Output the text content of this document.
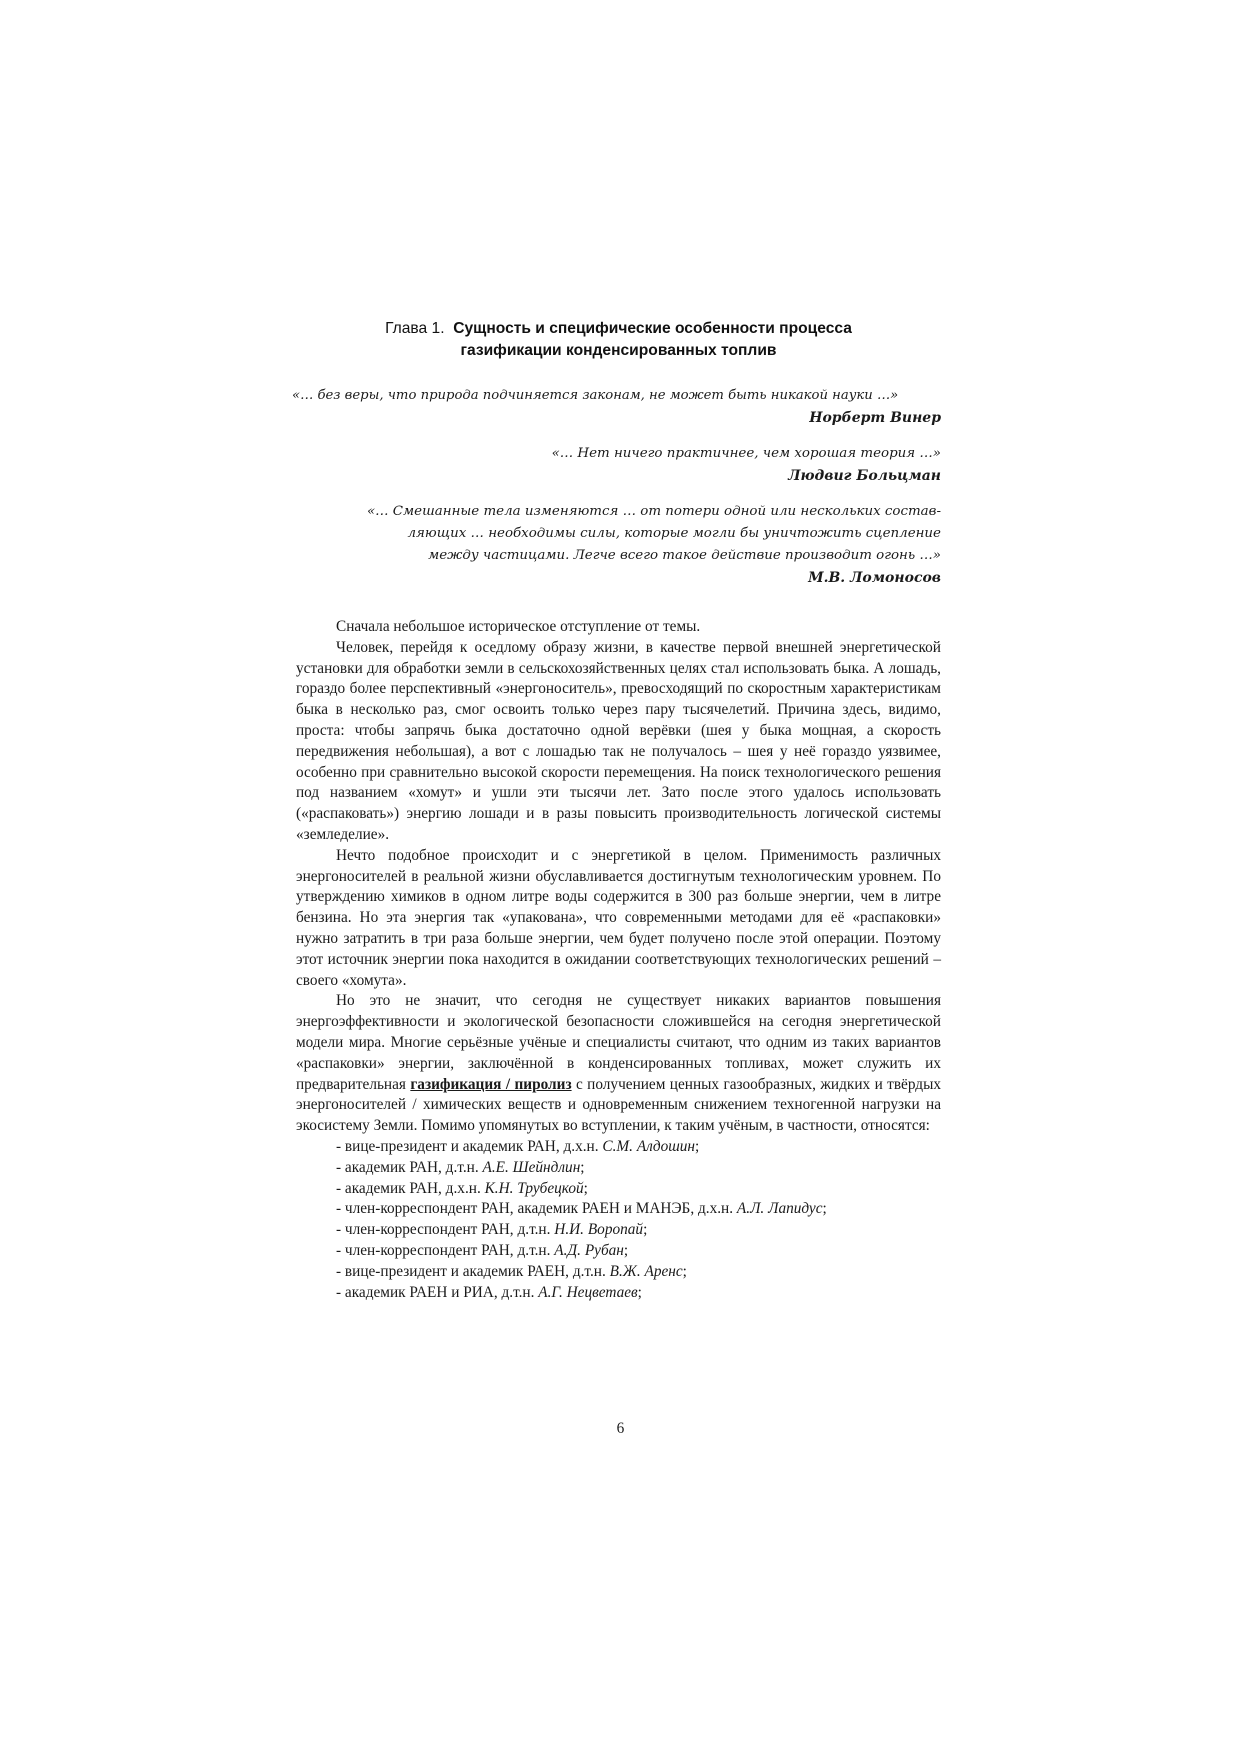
Глава 1. Сущность и специфические особенности процесса
газификации конденсированных топлив
«… без веры, что природа подчиняется законам, не может быть никакой науки …»
Норберт Винер
«… Нет ничего практичнее, чем хорошая теория …»
Людвиг Больцман
«… Смешанные тела изменяются … от потери одной или нескольких состав-
ляющих … необходимы силы, которые могли бы уничтожить сцепление
между частицами. Легче всего такое действие производит огонь …»
М.В. Ломоносов

Сначала небольшое историческое отступление от темы.

Человек, перейдя к оседлому образу жизни, в качестве первой внешней энергетической установки для обработки земли в сельскохозяйственных целях стал использовать быка. А лошадь, гораздо более перспективный «энергоноситель», превосходящий по скоростным характеристикам быка в несколько раз, смог освоить только через пару тысячелетий. Причина здесь, видимо, проста: чтобы запрячь быка достаточно одной верёвки (шея у быка мощная, а скорость передвижения небольшая), а вот с лошадью так не получалось – шея у неё гораздо уязвимее, особенно при сравнительно высокой скорости перемещения. На поиск технологического решения под названием «хомут» и ушли эти тысячи лет. Зато после этого удалось использовать («распаковать») энергию лошади и в разы повысить производительность логической системы «земледелие».

Нечто подобное происходит и с энергетикой в целом. Применимость различных энергоносителей в реальной жизни обуславливается достигнутым технологическим уровнем. По утверждению химиков в одном литре воды содержится в 300 раз больше энергии, чем в литре бензина. Но эта энергия так «упакована», что современными методами для её «распаковки» нужно затратить в три раза больше энергии, чем будет получено после этой операции. Поэтому этот источник энергии пока находится в ожидании соответствующих технологических решений – своего «хомута».

Но это не значит, что сегодня не существует никаких вариантов повышения энергоэффективности и экологической безопасности сложившейся на сегодня энергетической модели мира. Многие серьёзные учёные и специалисты считают, что одним из таких вариантов «распаковки» энергии, заключённой в конденсированных топливах, может служить их предварительная газификация / пиролиз с получением ценных газообразных, жидких и твёрдых энергоносителей / химических веществ и одновременным снижением техногенной нагрузки на экосистему Земли. Помимо упомянутых во вступлении, к таким учёным, в частности, относятся:

- вице-президент и академик РАН, д.х.н. С.М. Алдошин;
- академик РАН, д.т.н. А.Е. Шейндлин;
- академик РАН, д.х.н. К.Н. Трубецкой;
- член-корреспондент РАН, академик РАЕН и МАНЭБ, д.х.н. А.Л. Лапидус;
- член-корреспондент РАН, д.т.н. Н.И. Воропай;
- член-корреспондент РАН, д.т.н. А.Д. Рубан;
- вице-президент и академик РАЕН, д.т.н. В.Ж. Аренс;
- академик РАЕН и РИА, д.т.н. А.Г. Нецветаев;
6
